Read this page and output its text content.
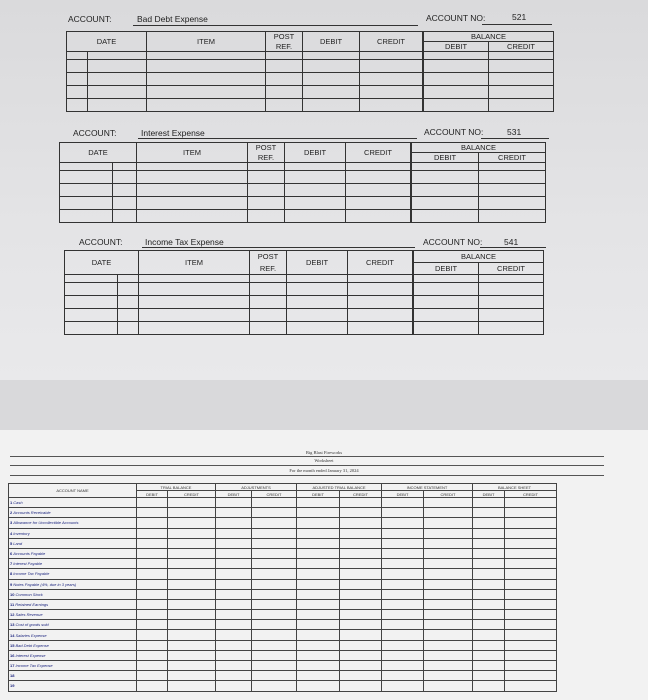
ACCOUNT:	Bad Debt Expense	ACCOUNT NO:	521
DATE		ITEM	POST	DEBIT	CREDIT	BALANCE	
			REF.			DEBIT	CREDIT

ACCOUNT:	Interest Expense	ACCOUNT NO:	531
DATE		ITEM	POST	DEBIT	CREDIT	BALANCE	
			REF.			DEBIT	CREDIT

ACCOUNT:	Income Tax Expense	ACCOUNT NO:	541
DATE		ITEM	POST	DEBIT	CREDIT	BALANCE	
			REF.			DEBIT	CREDIT

Big Blast Fireworks
Worksheet
For the month ended January 31, 2024
ACCOUNT NAME	TRIAL BALANCE		ADJUSTMENTS		ADJUSTED TRIAL BALANCE		INCOME STATEMENT		BALANCE SHEET	
	DEBIT	CREDIT	DEBIT	CREDIT	DEBIT	CREDIT	DEBIT	CREDIT	DEBIT	CREDIT
1Cash										
2Accounts Receivable										
3Allowance for Uncollectible Accounts										
4Inventory										
5Land										
6Accounts Payable										
7Interest Payable										
8Income Tax Payable										
9Notes Payable (4%, due in 3 years)										
10Common Stock										
11Retained Earnings										
12Sales Revenue										
13Cost of goods sold										
14Salaries Expense										
15Bad Debt Expense										
16Interest Expense										
17Income Tax Expense										
18										
19										
